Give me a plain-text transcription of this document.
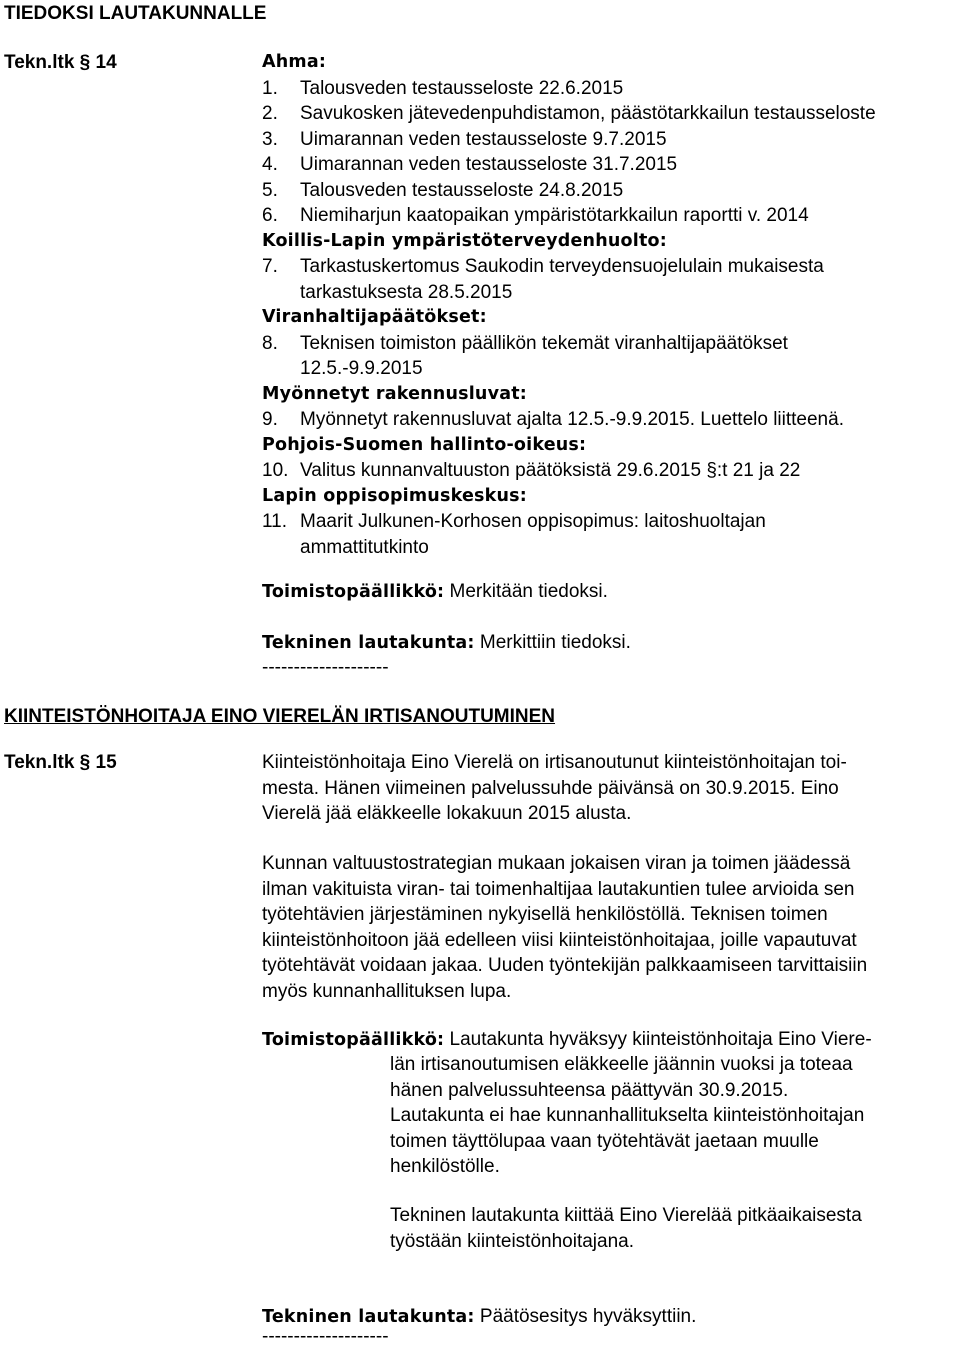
TIEDOKSI LAUTAKUNNALLE
Tekn.ltk § 14	Ahma:
1. Talousveden testausseloste 22.6.2015
2. Savukosken jätevedenpuhdistamon, päästötarkkailun testausseloste
3. Uimarannan veden testausseloste 9.7.2015
4. Uimarannan veden testausseloste 31.7.2015
5. Talousveden testausseloste 24.8.2015
6. Niemiharjun kaatopaikan ympäristötarkkailun raportti v. 2014
Koillis-Lapin ympäristöterveydenhuolto:
7. Tarkastuskertomus Saukodin terveydensuojelulain mukaisesta
tarkastuksesta 28.5.2015
Viranhaltijapäätökset:
8. Teknisen toimiston päällikön tekemät viranhaltijapäätökset
12.5.-9.9.2015
Myönnetyt rakennusluvat:
9. Myönnetyt rakennusluvat ajalta 12.5.-9.9.2015. Luettelo liitteenä.
Pohjois-Suomen hallinto-oikeus:
10. Valitus kunnanvaltuuston päätöksistä 29.6.2015 §:t 21 ja 22
Lapin oppisopimuskeskus:
11. Maarit Julkunen-Korhosen oppisopimus: laitoshuoltajan
ammattitutkinto
Toimistopäällikkö: Merkitään tiedoksi.
Tekninen lautakunta: Merkittiin tiedoksi.
--------------------
KIINTEISTÖNHOITAJA EINO VIERELÄN IRTISANOUTUMINEN
Tekn.ltk § 15	Kiinteistönhoitaja Eino Vierelä on irtisanoutunut kiinteistönhoitajan toi-
mesta. Hänen viimeinen palvelussuhde päivänsä on 30.9.2015. Eino
Vierelä jää eläkkeelle lokakuun 2015 alusta.
Kunnan valtuustostrategian mukaan jokaisen viran ja toimen jäädessä
ilman vakituista viran- tai toimenhaltijaa lautakuntien tulee arvioida sen
työtehtävien järjestäminen nykyisellä henkilöstöllä. Teknisen toimen
kiinteistönhoitoon jää edelleen viisi kiinteistönhoitajaa, joille vapautuvat
työtehtävät voidaan jakaa. Uuden työntekijän palkkaamiseen tarvittaisiin
myös kunnanhallituksen lupa.
Toimistopäällikkö: Lautakunta hyväksyy kiinteistönhoitaja Eino Viere-
län irtisanoutumisen eläkkeelle jäännin vuoksi ja toteaa
hänen palvelussuhteensa päättyvän 30.9.2015.
Lautakunta ei hae kunnanhallitukselta kiinteistönhoitajan
toimen täyttölupaa vaan työtehtävät jaetaan muulle
henkilöstölle.
Tekninen lautakunta kiittää Eino Vierelää pitkäaikaisesta
työstään kiinteistönhoitajana.
Tekninen lautakunta: Päätösesitys hyväksyttiin.
--------------------
